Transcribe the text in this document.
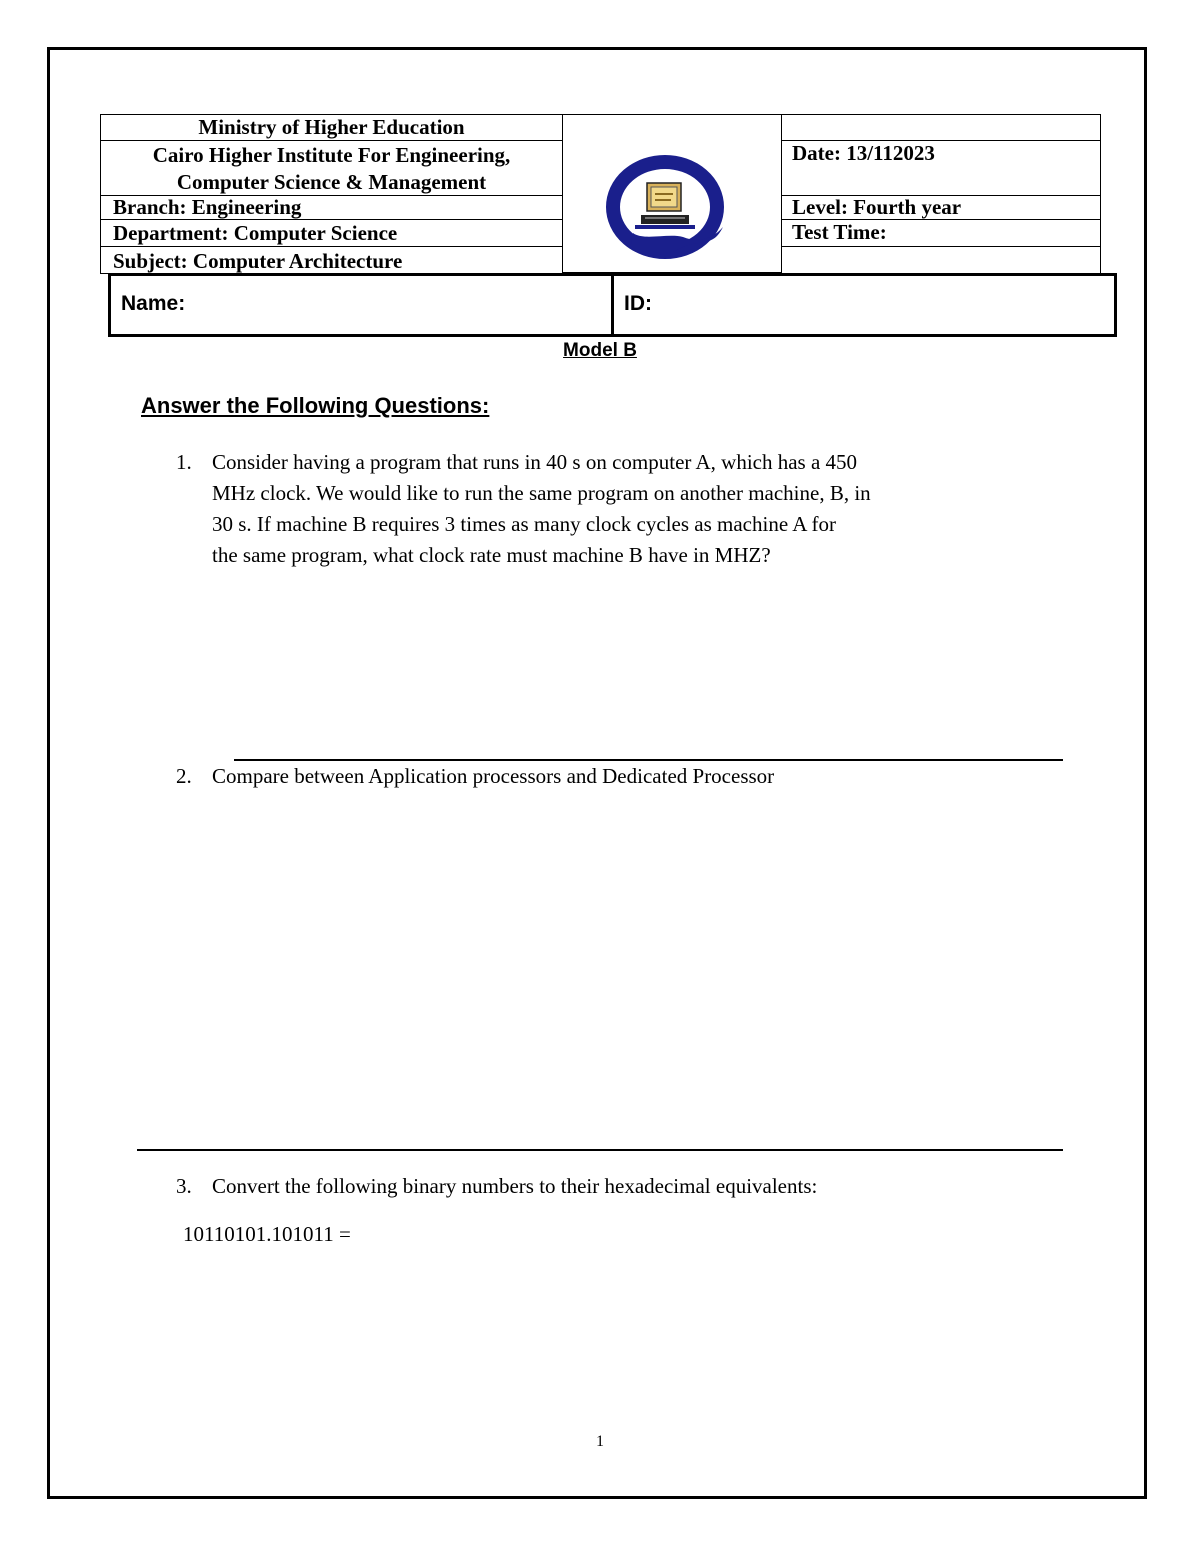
Ministry of Higher Education
Cairo Higher Institute For Engineering,
Computer Science & Management
Branch: Engineering
Department: Computer Science
Subject: Computer Architecture
Date: 13/112023
Level: Fourth year
Test Time:
Name:	ID:
Model B
Answer the Following Questions:
1. Consider having a program that runs in 40 s on computer A, which has a 450
MHz clock. We would like to run the same program on another machine, B, in
30 s. If machine B requires 3 times as many clock cycles as machine A for
the same program, what clock rate must machine B have in MHZ?
2. Compare between Application processors and Dedicated Processor
3. Convert the following binary numbers to their hexadecimal equivalents:
10110101.101011 =
1
